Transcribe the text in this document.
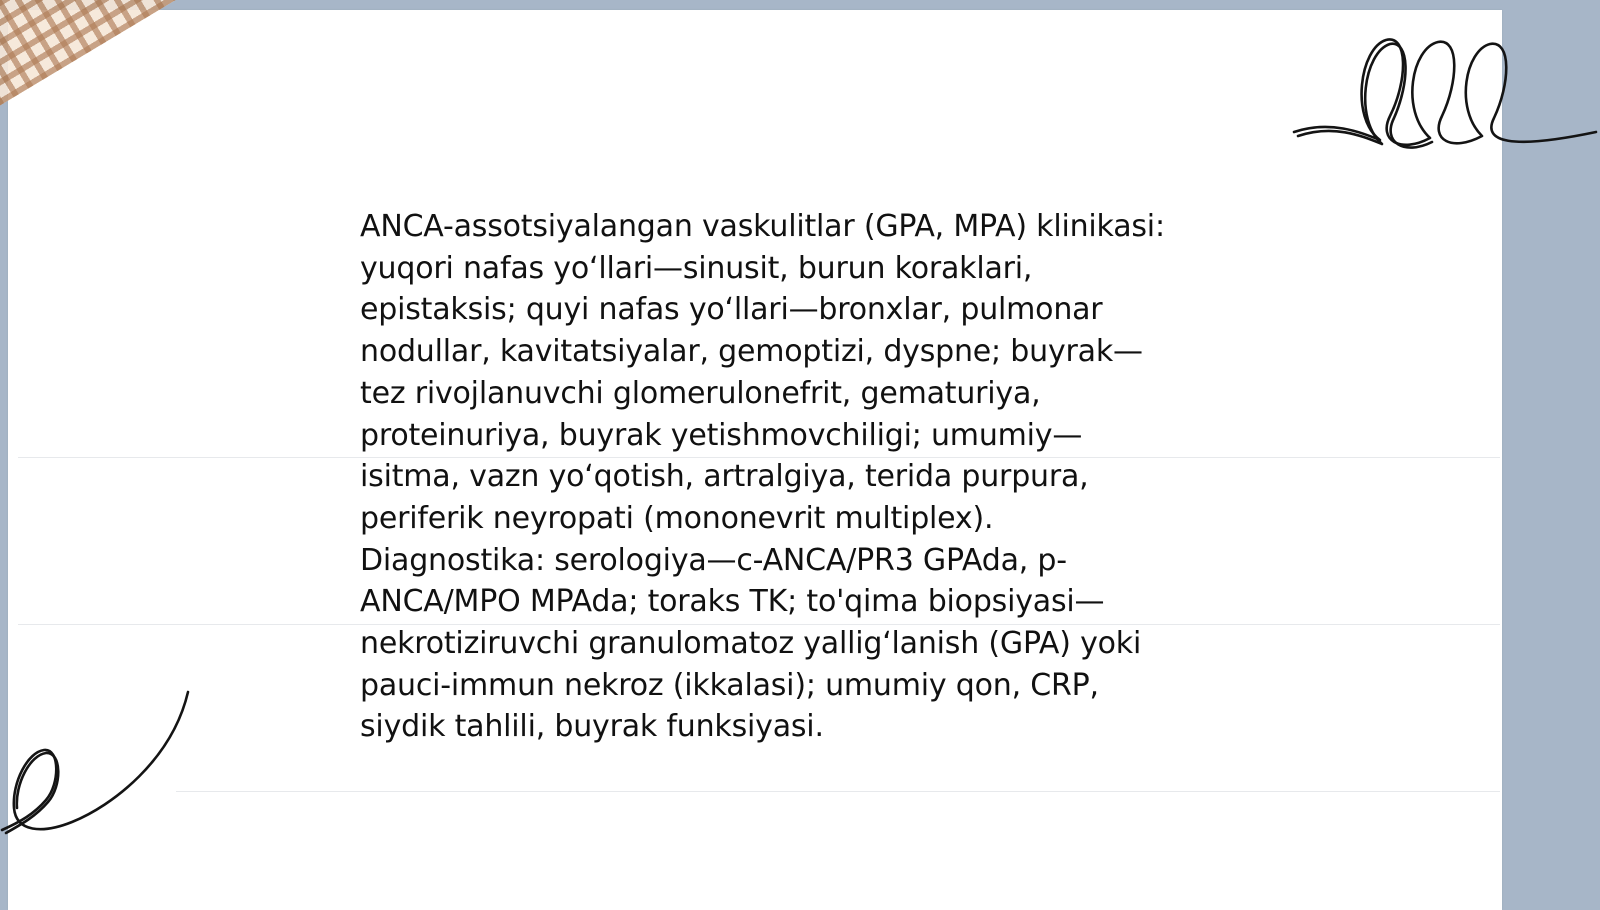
ANCA-assotsiyalangan vaskulitlar (GPA, MPA) klinikasi:
yuqori nafas yo‘llari—sinusit, burun koraklari,
epistaksis; quyi nafas yo‘llari—bronxlar, pulmonar
nodullar, kavitatsiyalar, gemoptizi, dyspne; buyrak—
tez rivojlanuvchi glomerulonefrit, gematuriya,
proteinuriya, buyrak yetishmovchiligi; umumiy—
isitma, vazn yo‘qotish, artralgiya, terida purpura,
periferik neyropati (mononevrit multiplex).
Diagnostika: serologiya—c-ANCA/PR3 GPAda, p-
ANCA/MPO MPAda; toraks TK; to'qima biopsiyasi—
nekrotiziruvchi granulomatoz yallig‘lanish (GPA) yoki
pauci-immun nekroz (ikkalasi); umumiy qon, CRP,
siydik tahlili, buyrak funksiyasi.
